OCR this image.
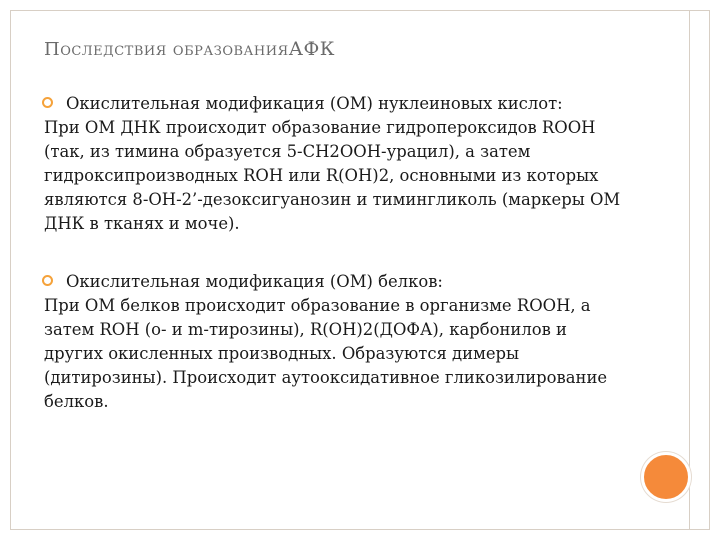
Последствия образованияАФК
Окислительная модификация (ОМ) нуклеиновых кислот:

При ОМ ДНК происходит образование гидропероксидов ROOH (так, из тимина образуется 5-CH2OOH-урацил), а затем гидроксипроизводных ROH или R(OH)2, основными из которых являются 8-ОН-2’-дезоксигуанозин и тимингликоль (маркеры ОМ ДНК в тканях и моче).

Окислительная модификация (ОМ) белков:

При ОМ белков происходит образование в организме ROOH, а затем ROH (o- и m-тирозины), R(OH)2(ДОФА), карбонилов и других окисленных производных. Образуются димеры (дитирозины). Происходит аутооксидативное гликозилирование белков.
